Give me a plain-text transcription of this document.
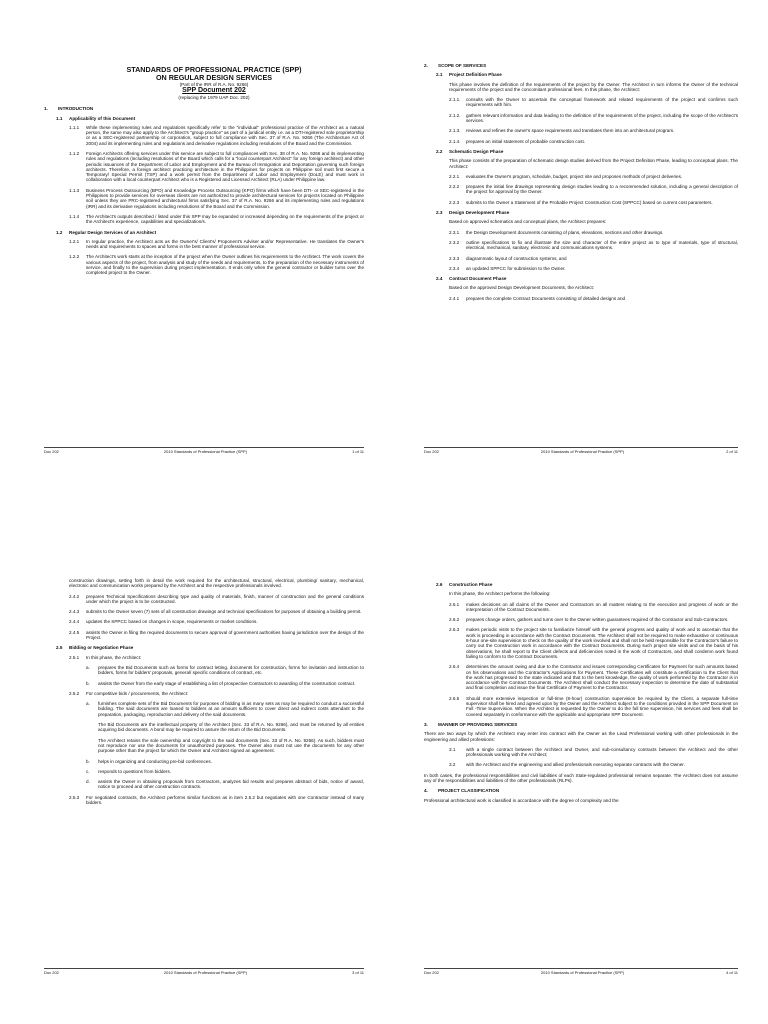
STANDARDS OF PROFESSIONAL PRACTICE (SPP)
ON REGULAR DESIGN SERVICES
(Part of the IRR of R.A. No. 9266)
SPP Document 202
(replacing the 1979 UAP Doc. 202)
1. INTRODUCTION
1.1 Applicability of this Document
1.1.1	While these implementing rules and regulations specifically refer to the "individual" professional practice of the Architect as a natural person, the same may also apply to the Architect's "group practice" as part of a juridical entity i.e. as a DTI-registered sole proprietorship or as a SEC-registered partnership or corporation, subject to full compliance with Sec. 37 of R.A. No. 9266 (The Architecture Act of 2004) and its implementing rules and regulations and derivative regulations including resolutions of the Board and the Commission.
1.1.2	Foreign Architects offering services under this service are subject to full compliances with Sec. 38 of R.A. No. 9266 and its implementing rules and regulations (including resolutions of the Board which calls for a "local counterpart Architect" for any foreign architect) and other periodic issuances of the Department of Labor and Employment and the Bureau of Immigration and Deportation governing such foreign architects. Therefore, a foreign architect practicing architecture in the Philippines for projects on Philippine soil must first secure a Temporary/ Special Permit (TSP) and a work permit from the Department of Labor and Employment (DoLE) and must work in collaboration with a local counterpart Architect who is a Registered and Licensed Architect (RLA) under Philippine law.
1.1.3	Business Process Outsourcing (BPO) and Knowledge Process Outsourcing (KPO) firms which have been DTI- or SEC-registered in the Philippines to provide services for overseas clients are not authorized to provide architectural services for projects located on Philippine soil unless they are PRC-registered architectural firms satisfying Sec. 37 of R.A. No. 9266 and its implementing rules and regulations (IRR) and its derivative regulations including resolutions of the Board and the Commission.
1.1.4	The Architect's outputs described / listed under this SPP may be expanded or increased depending on the requirements of the project or the Architect's experience, capabilities and specialization/s.
1.2 Regular Design Services of an Architect
1.2.1	In regular practice, the Architect acts as the Owner's/ Client's/ Proponent's Adviser and/or Representative. He translates the Owner's needs and requirements to spaces and forms in the best manner of professional service.
1.2.2	The Architect's work starts at the inception of the project when the Owner outlines his requirements to the Architect. The work covers the various aspects of the project, from analysis and study of the needs and requirements, to the preparation of the necessary instruments of service, and finally to the supervision during project implementation. It ends only when the general contractor or builder turns over the completed project to the Owner.
Doc 202	2010 Standards of Professional Practice (SPP)	1 of 11
2. SCOPE OF SERVICES
2.1 Project Definition Phase
This phase involves the definition of the requirements of the project by the Owner. The Architect in turn informs the Owner of the technical requirements of the project and the concomitant professional fees. In this phase, the Architect:
2.1.1.	consults with the Owner to ascertain the conceptual framework and related requirements of the project and confirms such requirements with him.
2.1.2.	gathers relevant information and data leading to the definition of the requirements of the project, including the scope of the Architect's services.
2.1.3.	reviews and refines the owner's space requirements and translates them into an architectural program.
2.1.4.	prepares an initial statement of probable construction cost.
2.2 Schematic Design Phase
This phase consists of the preparation of schematic design studies derived from the Project Definition Phase, leading to conceptual plans. The Architect:
2.2.1	evaluates the Owner's program, schedule, budget, project site and proposes methods of project deliveries.
2.2.2	prepares the initial line drawings representing design studies leading to a recommended solution, including a general description of the project for approval by the Owner.
2.2.3	submits to the Owner a Statement of the Probable Project Construction Cost (SPPCC) based on current cost parameters.
2.3 Design Development Phase
Based on approved schematics and conceptual plans, the Architect prepares:
2.3.1	the Design Development documents consisting of plans, elevations, sections and other drawings.
2.3.2	outline specifications to fix and illustrate the size and character of the entire project as to type of materials, type of structural, electrical, mechanical, sanitary, electronic and communications systems.
2.3.3	diagrammatic layout of construction systems, and
2.3.4	an updated SPPCC for submission to the Owner.
2.4 Contract Document Phase
Based on the approved Design Development Documents, the Architect:
2.4.1	prepares the complete Contract Documents consisting of detailed designs and
Doc 202	2010 Standards of Professional Practice (SPP)	2 of 11
construction drawings, setting forth in detail the work required for the architectural, structural, electrical, plumbing/ sanitary, mechanical, electronic and communication works prepared by the Architect and the respective professionals involved.
2.4.2	prepares Technical Specifications describing type and quality of materials, finish, manner of construction and the general conditions under which the project is to be constructed.
2.4.3	submits to the Owner seven (7) sets of all construction drawings and technical specifications for purposes of obtaining a building permit.
2.4.4	updates the SPPCC based on changes in scope, requirements or market conditions.
2.4.5	assists the Owner in filing the required documents to secure approval of government authorities having jurisdiction over the design of the Project.
2.5 Bidding or Negotiation Phase
2.5.1	In this phase, the Architect:
a.	prepares the Bid Documents such as forms for contract letting, documents for construction, forms for invitation and instruction to bidders, forms for bidders' proposals, general/ specific conditions of contract, etc.
b.	assists the Owner from the early stage of establishing a list of prospective Contractors to awarding of the construction contract.
2.5.2	For competitive bids / procurements, the Architect:
a.	furnishes complete sets of the Bid Documents for purposes of bidding in as many sets as may be required to conduct a successful bidding. The said documents are loaned to bidders at an amount sufficient to cover direct and indirect costs attendant to the preparation, packaging, reproduction and delivery of the said documents.
The Bid Documents are the intellectual property of the Architect (Sec. 33 of R.A. No. 9266), and must be returned by all entities acquiring bid documents. A bond may be required to assure the return of the Bid Documents.
The Architect retains the sole ownership and copyright to the said documents (Sec. 33 of R.A. No. 9266). As such, bidders must not reproduce nor use the documents for unauthorized purposes. The Owner also must not use the documents for any other purpose other than the project for which the Owner and Architect signed an agreement.
b.	helps in organizing and conducting pre-bid conferences.
c.	responds to questions from bidders.
d.	assists the Owner in obtaining proposals from Contractors, analyzes bid results and prepares abstract of bids, notice of award, notice to proceed and other construction contracts.
2.5.3	For negotiated contracts, the Architect performs similar functions as in item 2.5.2 but negotiates with one Contractor instead of many bidders.
Doc 202	2010 Standards of Professional Practice (SPP)	3 of 11
2.6 Construction Phase
In this phase, the Architect performs the following:
2.6.1	makes decisions on all claims of the Owner and Contractors on all matters relating to the execution and progress of work or the interpretation of the Contract Documents.
2.6.2	prepares change orders, gathers and turns over to the Owner written guarantees required of the Contractor and Sub-Contractors.
2.6.3	makes periodic visits to the project site to familiarize himself with the general progress and quality of work and to ascertain that the work is proceeding in accordance with the Contract Documents. The Architect shall not be required to make exhaustive or continuous 8-hour one-site supervision to check on the quality of the work involved and shall not be held responsible for the Contractor's failure to carry out the Construction work in accordance with the Contract Documents. During such project site visits and on the basis of his observations, he shall report to the Client defects and deficiencies noted in the work of Contractors, and shall condemn work found failing to conform to the Contract Documents.
2.6.4	determines the amount owing and due to the Contractor and issues corresponding Certificates for Payment for such amounts based on his observations and the Contractor's Applications for Payment. These Certificates will constitute a certification to the Client that the work has progressed to the state indicated and that to the best knowledge, the quality of work performed by the Contractor is in accordance with the Contract Documents. The Architect shall conduct the necessary inspection to determine the date of substantial and final completion and issue the final Certificate of Payment to the Contractor.
2.6.5	Should more extensive inspection or full-time (8-hour) construction supervision be required by the Client, a separate full-time supervisor shall be hired and agreed upon by the Owner and the Architect subject to the conditions provided in the SPP Document on Full -Time Supervision. When the Architect is requested by the Owner to do the full time supervision, his services and fees shall be covered separately in conformance with the applicable and appropriate SPP Document.
3. MANNER OF PROVIDING SERVICES
There are two ways by which the Architect may enter into contract with the Owner as the Lead Professional working with other professionals in the engineering and allied professions:
3.1	with a single contract between the Architect and Owner, and sub-consultancy contracts between the Architect and the other professionals working with the Architect;
3.2	with the Architect and the engineering and allied professionals executing separate contracts with the Owner.
In both cases, the professional responsibilities and civil liabilities of each State-regulated professional remains separate. The Architect does not assume any of the responsibilities and liabilities of the other professionals (RLPs).
4. PROJECT CLASSIFICATION
Professional architectural work is classified in accordance with the degree of complexity and the
Doc 202	2010 Standards of Professional Practice (SPP)	4 of 11
